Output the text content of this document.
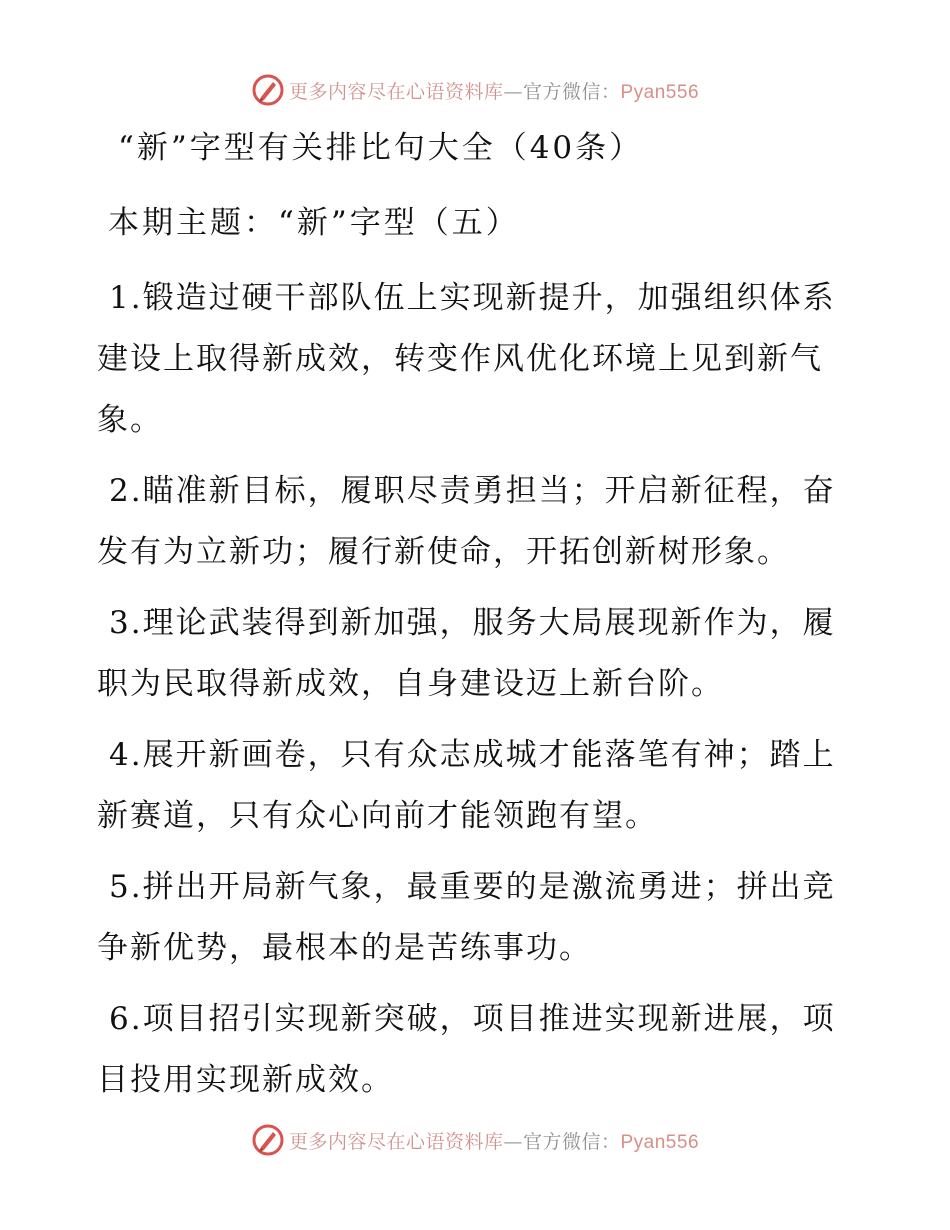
更多内容尽在心语资料库—官方微信：Pyan556
“新”字型有关排比句大全（40条）
本期主题：“新”字型（五）

1.锻造过硬干部队伍上实现新提升，加强组织体系建设上取得新成效，转变作风优化环境上见到新气象。

2.瞄准新目标，履职尽责勇担当；开启新征程，奋发有为立新功；履行新使命，开拓创新树形象。

3.理论武装得到新加强，服务大局展现新作为，履职为民取得新成效，自身建设迈上新台阶。

4.展开新画卷，只有众志成城才能落笔有神；踏上新赛道，只有众心向前才能领跑有望。

5.拼出开局新气象，最重要的是激流勇进；拼出竞争新优势，最根本的是苦练事功。

6.项目招引实现新突破，项目推进实现新进展，项目投用实现新成效。

更多内容尽在心语资料库—官方微信：Pyan556
